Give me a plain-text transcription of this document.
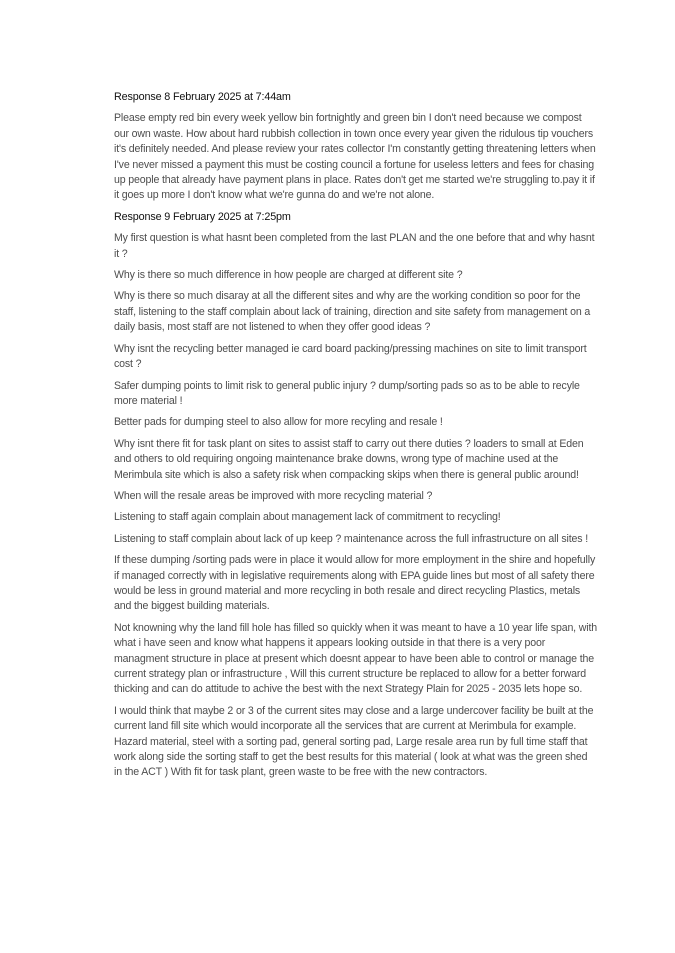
Response 8 February 2025 at 7:44am

Please empty red bin every week yellow bin fortnightly and green bin I don't need because we compost our own waste. How about hard rubbish collection in town once every year given the ridulous tip vouchers it's definitely needed. And please review your rates collector I'm constantly getting threatening letters when I've never missed a payment this must be costing council a fortune for useless letters and fees for chasing up people that already have payment plans in place. Rates don't get me started we're struggling to.pay it if it goes up more I don't know what we're gunna do and we're not alone.

Response 9 February 2025 at 7:25pm

My first question is what hasnt been completed from the last PLAN and the one before that and why hasnt it ?

Why is there so much difference in how people are charged at different site ?

Why is there so much disaray at all the different sites and why are the working condition so poor for the staff, listening to the staff complain about lack of training, direction and site safety from management on a daily basis, most staff are not listened to when they offer good ideas ?

Why isnt the recycling better managed ie card board packing/pressing machines on site to limit transport cost ?

Safer dumping points to limit risk to general public injury ? dump/sorting pads so as to be able to recyle more material !

Better pads for dumping steel to also allow for more recyling and resale !

Why isnt there fit for task plant on sites to assist staff to carry out there duties ? loaders to small at Eden and others to old requiring ongoing maintenance brake downs, wrong type of machine used at the Merimbula site which is also a safety risk when compacking skips when there is general public around!

When will the resale areas be improved with more recycling material ?

Listening to staff again complain about management lack of commitment to recycling!

Listening to staff complain about lack of up keep ? maintenance across the full infrastructure on all sites !

If these dumping /sorting pads were in place it would allow for more employment in the shire and hopefully if managed correctly with in legislative requirements along with EPA guide lines but most of all safety there would be less in ground material and more recycling in both resale and direct recycling Plastics, metals and the biggest building materials.

Not knowning why the land fill hole has filled so quickly when it was meant to have a 10 year life span, with what i have seen and know what happens it appears looking outside in that there is a very poor managment structure in place at present which doesnt appear to have been able to control or manage the current strategy plan or infrastructure , Will this current structure be replaced to allow for a better forward thicking and can do attitude to achive the best with the next Strategy Plain for 2025 - 2035 lets hope so.

I would think that maybe 2 or 3 of the current sites may close and a large undercover facility be built at the current land fill site which would incorporate all the services that are current at Merimbula for example. Hazard material, steel with a sorting pad, general sorting pad, Large resale area run by full time staff that work along side the sorting staff to get the best results for this material ( look at what was the green shed in the ACT ) With fit for task plant, green waste to be free with the new contractors.
